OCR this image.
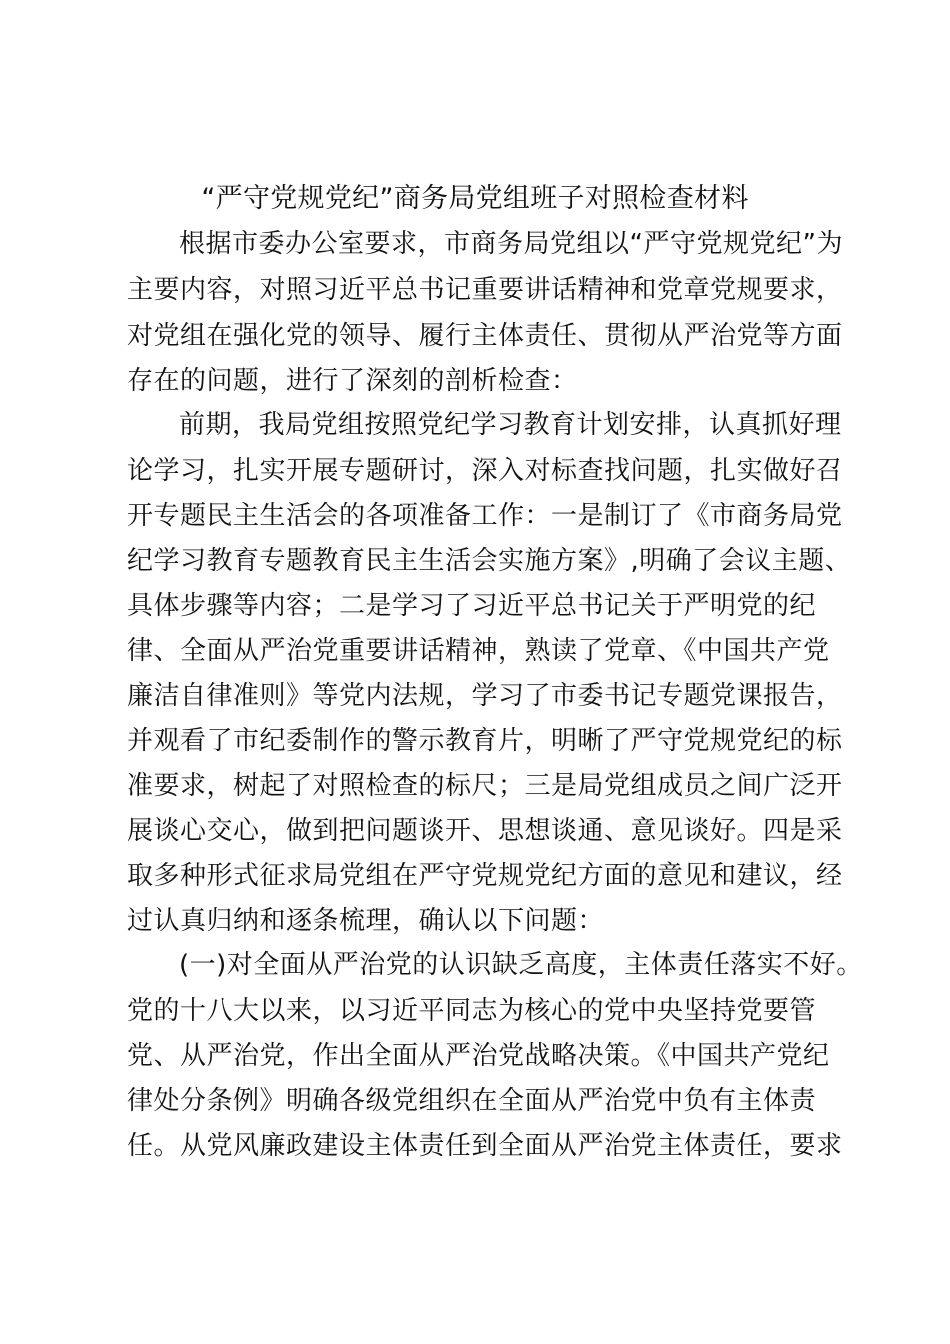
“严守党规党纪”商务局党组班子对照检查材料
根据市委办公室要求，市商务局党组以“严守党规党纪”为
主要内容，对照习近平总书记重要讲话精神和党章党规要求，
对党组在强化党的领导、履行主体责任、贯彻从严治党等方面
存在的问题，进行了深刻的剖析检查：
前期，我局党组按照党纪学习教育计划安排，认真抓好理
论学习，扎实开展专题研讨，深入对标查找问题，扎实做好召
开专题民主生活会的各项准备工作：一是制订了《市商务局党
纪学习教育专题教育民主生活会实施方案》,明确了会议主题、
具体步骤等内容；二是学习了习近平总书记关于严明党的纪
律、全面从严治党重要讲话精神，熟读了党章、《中国共产党
廉洁自律准则》等党内法规，学习了市委书记专题党课报告，
并观看了市纪委制作的警示教育片，明晰了严守党规党纪的标
准要求，树起了对照检查的标尺；三是局党组成员之间广泛开
展谈心交心，做到把问题谈开、思想谈通、意见谈好。四是采
取多种形式征求局党组在严守党规党纪方面的意见和建议，经
过认真归纳和逐条梳理，确认以下问题：
(一)对全面从严治党的认识缺乏高度，主体责任落实不好。
党的十八大以来，以习近平同志为核心的党中央坚持党要管
党、从严治党，作出全面从严治党战略决策。《中国共产党纪
律处分条例》明确各级党组织在全面从严治党中负有主体责
任。从党风廉政建设主体责任到全面从严治党主体责任，要求
